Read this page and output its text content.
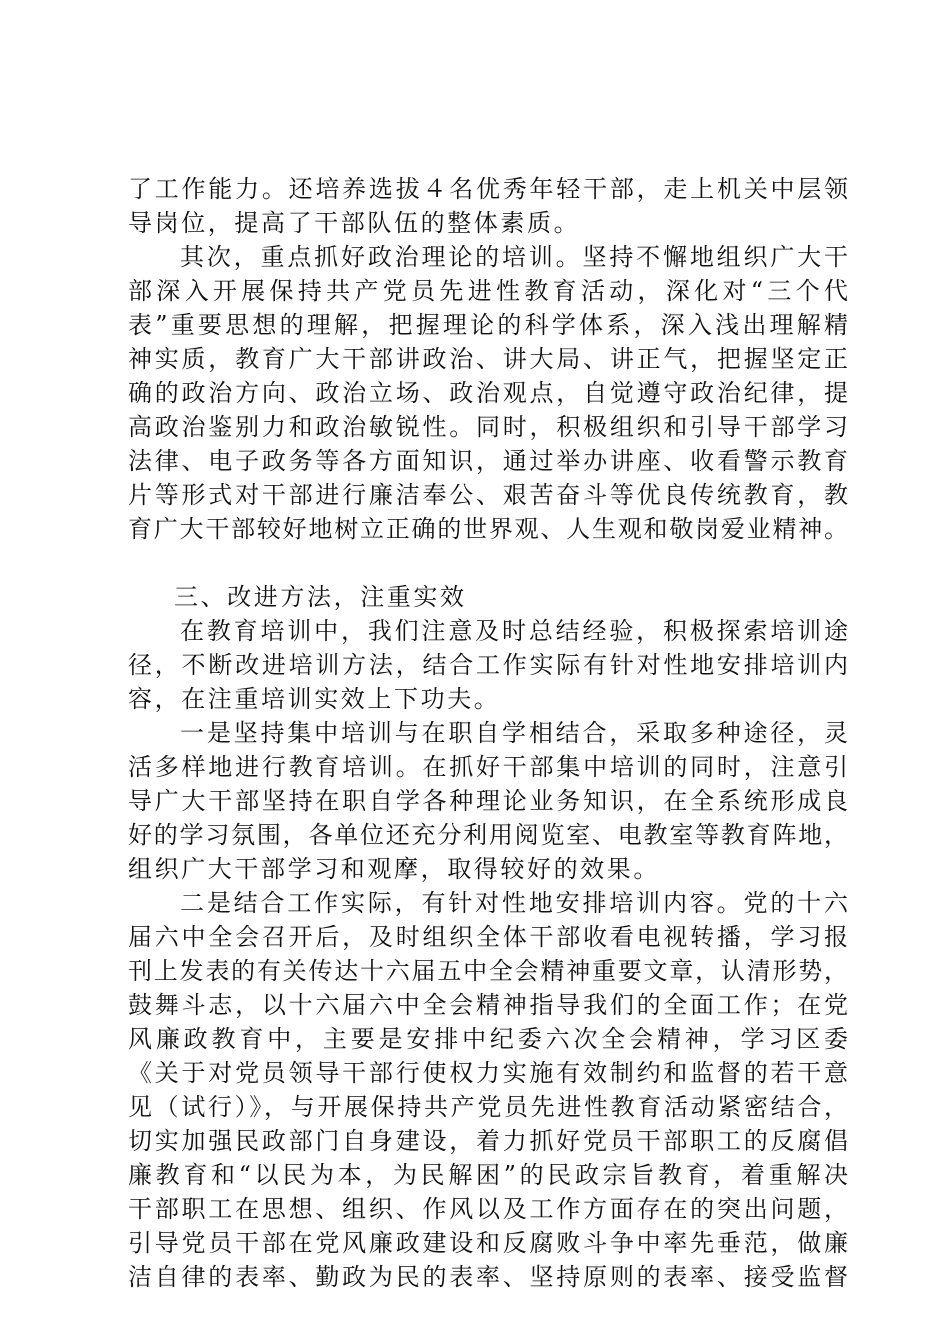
了工作能力。还培养选拔４名优秀年轻干部，走上机关中层领
导岗位，提高了干部队伍的整体素质。
其次，重点抓好政治理论的培训。坚持不懈地组织广大干
部深入开展保持共产党员先进性教育活动，深化对“三个代
表”重要思想的理解，把握理论的科学体系，深入浅出理解精
神实质，教育广大干部讲政治、讲大局、讲正气，把握坚定正
确的政治方向、政治立场、政治观点，自觉遵守政治纪律，提
高政治鉴别力和政治敏锐性。同时，积极组织和引导干部学习
法律、电子政务等各方面知识，通过举办讲座、收看警示教育
片等形式对干部进行廉洁奉公、艰苦奋斗等优良传统教育，教
育广大干部较好地树立正确的世界观、人生观和敬岗爱业精神。
三、改进方法，注重实效
在教育培训中，我们注意及时总结经验，积极探索培训途
径，不断改进培训方法，结合工作实际有针对性地安排培训内
容，在注重培训实效上下功夫。
一是坚持集中培训与在职自学相结合，采取多种途径，灵
活多样地进行教育培训。在抓好干部集中培训的同时，注意引
导广大干部坚持在职自学各种理论业务知识，在全系统形成良
好的学习氛围，各单位还充分利用阅览室、电教室等教育阵地，
组织广大干部学习和观摩，取得较好的效果。
二是结合工作实际，有针对性地安排培训内容。党的十六
届六中全会召开后，及时组织全体干部收看电视转播，学习报
刊上发表的有关传达十六届五中全会精神重要文章，认清形势，
鼓舞斗志，以十六届六中全会精神指导我们的全面工作；在党
风廉政教育中，主要是安排中纪委六次全会精神，学习区委
《关于对党员领导干部行使权力实施有效制约和监督的若干意
见（试行）》，与开展保持共产党员先进性教育活动紧密结合，
切实加强民政部门自身建设，着力抓好党员干部职工的反腐倡
廉教育和“以民为本，为民解困”的民政宗旨教育，着重解决
干部职工在思想、组织、作风以及工作方面存在的突出问题，
引导党员干部在党风廉政建设和反腐败斗争中率先垂范，做廉
洁自律的表率、勤政为民的表率、坚持原则的表率、接受监督
